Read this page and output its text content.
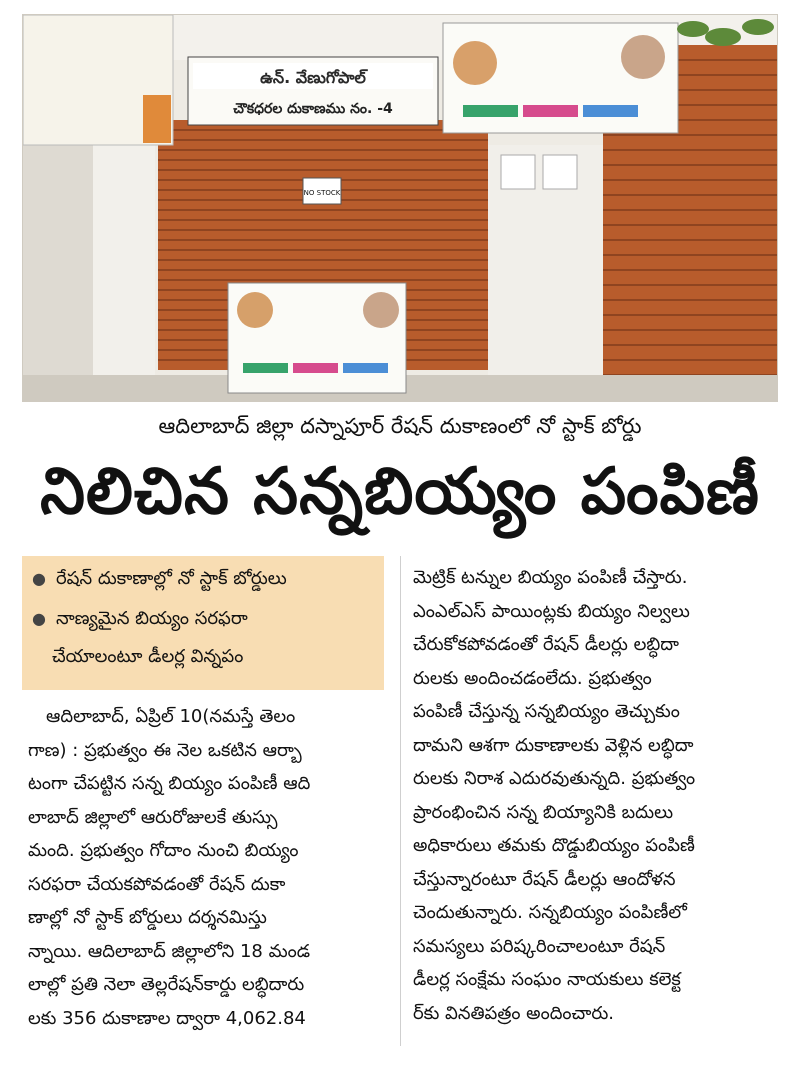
ఉన్. వేణుగోపాల్
చౌకధరల దుకాణము నం. -4
NO STOCK
ఆదిలాబాద్ జిల్లా దస్నాపూర్ రేషన్ దుకాణంలో నో స్టాక్ బోర్డు
నిలిచిన సన్నబియ్యం పంపిణీ
● రేషన్ దుకాణాల్లో నో స్టాక్ బోర్డులు
● నాణ్యమైన బియ్యం సరఫరా
చేయాలంటూ డీలర్ల విన్నపం
ఆదిలాబాద్, ఏప్రిల్ 10(నమస్తే తెలం
గాణ) : ప్రభుత్వం ఈ నెల ఒకటిన ఆర్బా
టంగా చేపట్టిన సన్న బియ్యం పంపిణీ ఆది
లాబాద్ జిల్లాలో ఆరురోజులకే తుస్సు
మంది. ప్రభుత్వం గోదాం నుంచి బియ్యం
సరఫరా చేయకపోవడంతో రేషన్ దుకా
ణాల్లో నో స్టాక్ బోర్డులు దర్శనమిస్తు
న్నాయి. ఆదిలాబాద్ జిల్లాలోని 18 మండ
లాల్లో ప్రతి నెలా తెల్లరేషన్‌కార్డు లబ్ధిదారు
లకు 356 దుకాణాల ద్వారా 4,062.84
మెట్రిక్ టన్నుల బియ్యం పంపిణీ చేస్తారు.
ఎంఎల్ఎస్ పాయింట్లకు బియ్యం నిల్వలు
చేరుకోకపోవడంతో రేషన్ డీలర్లు లబ్ధిదా
రులకు అందించడంలేదు. ప్రభుత్వం
పంపిణీ చేస్తున్న సన్నబియ్యం తెచ్చుకుం
దామని ఆశగా దుకాణాలకు వెళ్లిన లబ్ధిదా
రులకు నిరాశ ఎదురవుతున్నది. ప్రభుత్వం
ప్రారంభించిన సన్న బియ్యానికి బదులు
అధికారులు తమకు దొడ్డుబియ్యం పంపిణీ
చేస్తున్నారంటూ రేషన్ డీలర్లు ఆందోళన
చెందుతున్నారు. సన్నబియ్యం పంపిణీలో
సమస్యలు పరిష్కరించాలంటూ రేషన్
డీలర్ల సంక్షేమ సంఘం నాయకులు కలెక్ట
ర్‌కు వినతిపత్రం అందించారు.
